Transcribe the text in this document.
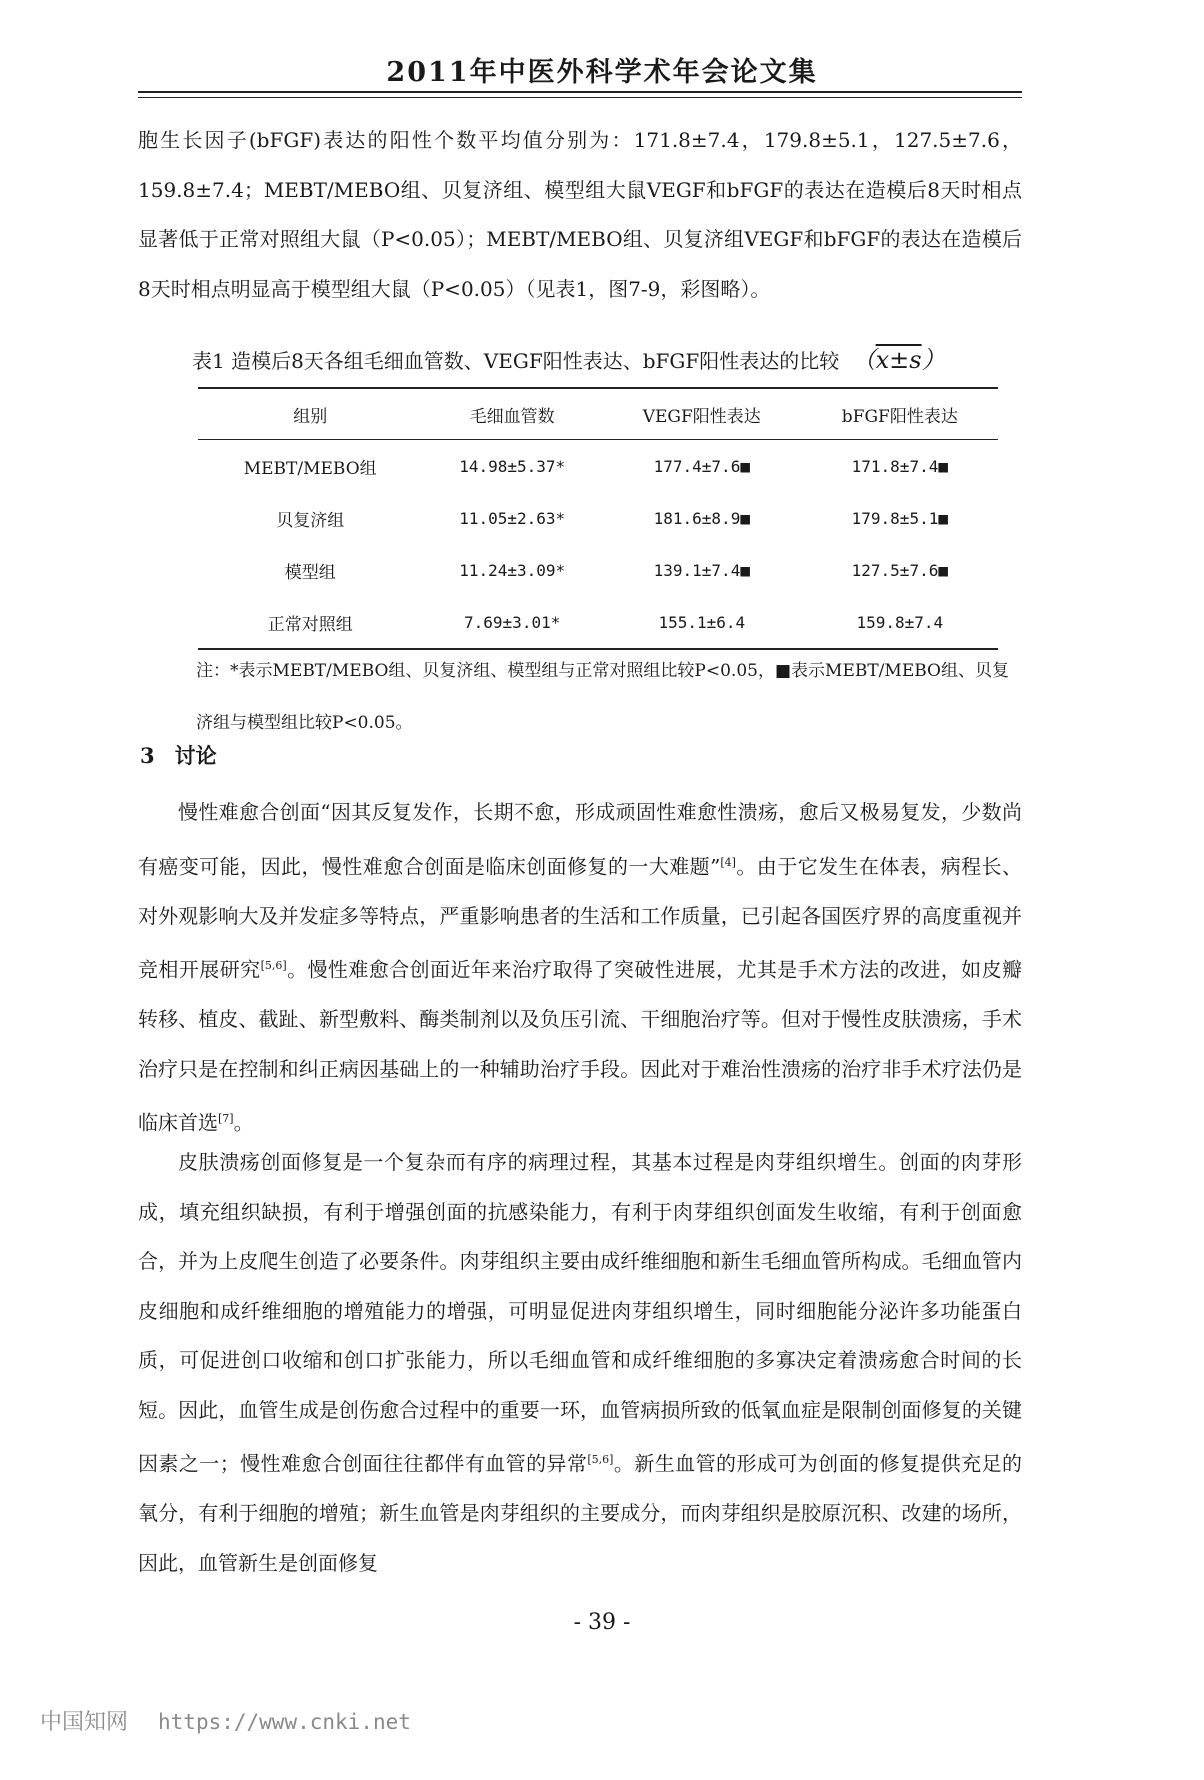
2011年中医外科学术年会论文集

胞生长因子(bFGF)表达的阳性个数平均值分别为：171.8±7.4，179.8±5.1，127.5±7.6，159.8±7.4；MEBT/MEBO组、贝复济组、模型组大鼠VEGF和bFGF的表达在造模后8天时相点显著低于正常对照组大鼠（P<0.05）；MEBT/MEBO组、贝复济组VEGF和bFGF的表达在造模后8天时相点明显高于模型组大鼠（P<0.05）（见表1，图7-9，彩图略）。

表1 造模后8天各组毛细血管数、VEGF阳性表达、bFGF阳性表达的比较 （x±s）
组别	毛细血管数	VEGF阳性表达	bFGF阳性表达
MEBT/MEBO组	14.98±5.37*	177.4±7.6■	171.8±7.4■
贝复济组	11.05±2.63*	181.6±8.9■	179.8±5.1■
模型组	11.24±3.09*	139.1±7.4■	127.5±7.6■
正常对照组	7.69±3.01*	155.1±6.4	159.8±7.4

注：*表示MEBT/MEBO组、贝复济组、模型组与正常对照组比较P<0.05，■表示MEBT/MEBO组、贝复

济组与模型组比较P<0.05。

3 讨论

慢性难愈合创面“因其反复发作，长期不愈，形成顽固性难愈性溃疡，愈后又极易复发，少数尚有癌变可能，因此，慢性难愈合创面是临床创面修复的一大难题”[4]。由于它发生在体表，病程长、对外观影响大及并发症多等特点，严重影响患者的生活和工作质量，已引起各国医疗界的高度重视并竞相开展研究[5,6]。慢性难愈合创面近年来治疗取得了突破性进展，尤其是手术方法的改进，如皮瓣转移、植皮、截趾、新型敷料、酶类制剂以及负压引流、干细胞治疗等。但对于慢性皮肤溃疡，手术治疗只是在控制和纠正病因基础上的一种辅助治疗手段。因此对于难治性溃疡的治疗非手术疗法仍是临床首选[7]。

皮肤溃疡创面修复是一个复杂而有序的病理过程，其基本过程是肉芽组织增生。创面的肉芽形成，填充组织缺损，有利于增强创面的抗感染能力，有利于肉芽组织创面发生收缩，有利于创面愈合，并为上皮爬生创造了必要条件。肉芽组织主要由成纤维细胞和新生毛细血管所构成。毛细血管内皮细胞和成纤维细胞的增殖能力的增强，可明显促进肉芽组织增生，同时细胞能分泌许多功能蛋白质，可促进创口收缩和创口扩张能力，所以毛细血管和成纤维细胞的多寡决定着溃疡愈合时间的长短。因此，血管生成是创伤愈合过程中的重要一环，血管病损所致的低氧血症是限制创面修复的关键因素之一；慢性难愈合创面往往都伴有血管的异常[5,6]。新生血管的形成可为创面的修复提供充足的氧分，有利于细胞的增殖；新生血管是肉芽组织的主要成分，而肉芽组织是胶原沉积、改建的场所，因此，血管新生是创面修复

- 39 -
中国知网 https://www.cnki.net
